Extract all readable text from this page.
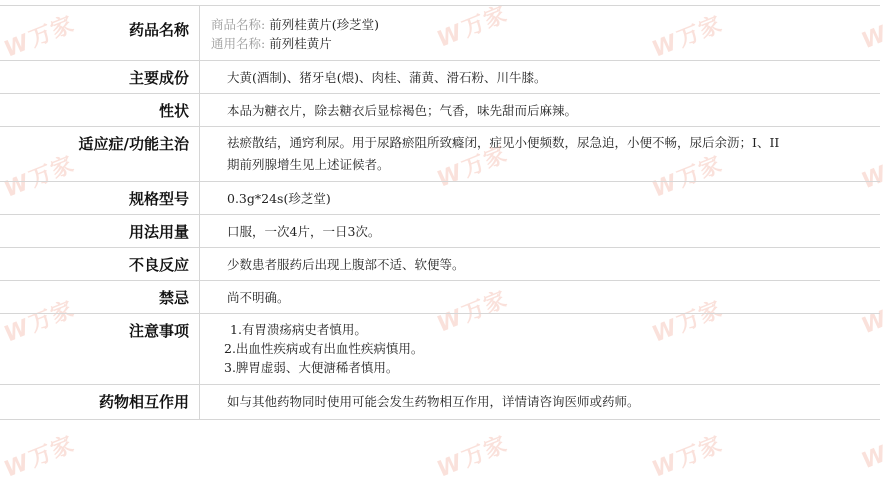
W万家	W万家
W万家
W万家	W万家
W万家
W万家	W万家
W万家
W万家	W万家	W万家
W
W
W
W
药品名称	商品名称: 前列桂黄片(珍芝堂)
通用名称: 前列桂黄片

主要成份	大黄(酒制)、猪牙皂(煨)、肉桂、蒲黄、滑石粉、川牛膝。

性状	本品为糖衣片，除去糖衣后显棕褐色；气香，味先甜而后麻辣。

适应症/功能主治	祛瘀散结，通窍利尿。用于尿路瘀阻所致癃闭，症见小便频数，尿急迫，小便不畅，尿后余沥；I、II期前列腺增生见上述证候者。

规格型号	0.3g*24s(珍芝堂)

用法用量	口服，一次4片，一日3次。

不良反应	少数患者服药后出现上腹部不适、软便等。

禁忌	尚不明确。

注意事项	1.有胃溃疡病史者慎用。
2.出血性疾病或有出血性疾病慎用。
3.脾胃虚弱、大便溏稀者慎用。

药物相互作用	如与其他药物同时使用可能会发生药物相互作用，详情请咨询医师或药师。
